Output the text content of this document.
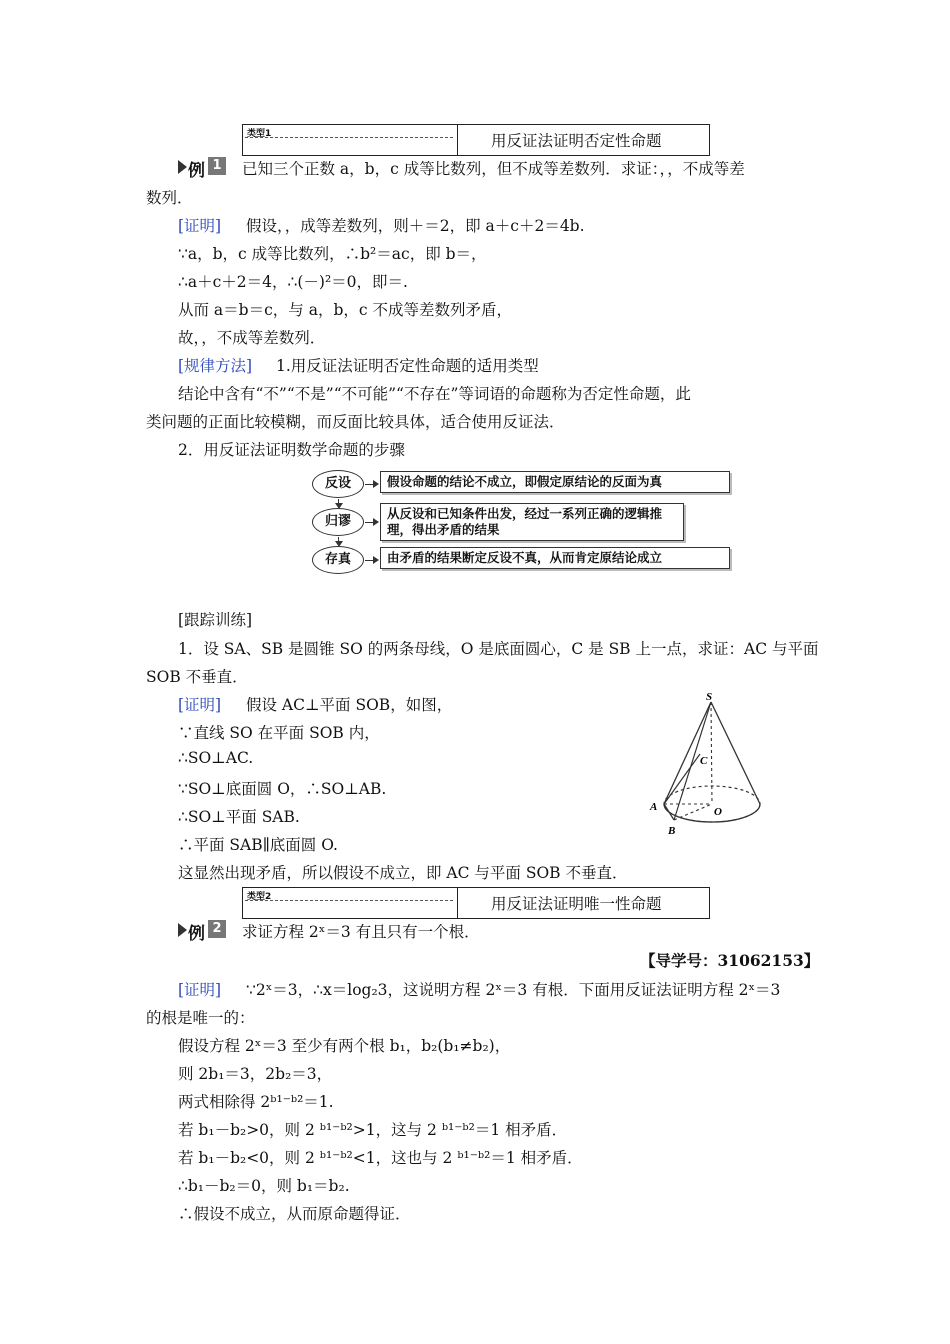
类型1	用反证法证明否定性命题
例 1 已知三个正数 a，b，c 成等比数列，但不成等差数列．求证：，，不成等差
数列．
[证明] 假设，，成等差数列，则＋＝2，即 a＋c＋2＝4b.
∵a，b，c 成等比数列，∴b²＝ac，即 b＝，
∴a＋c＋2＝4，∴(－)²＝0，即＝.
从而 a＝b＝c，与 a，b，c 不成等差数列矛盾，
故，，不成等差数列．
[规律方法] 1.用反证法证明否定性命题的适用类型
结论中含有“不”“不是”“不可能”“不存在”等词语的命题称为否定性命题，此
类问题的正面比较模糊，而反面比较具体，适合使用反证法．
2．用反证法证明数学命题的步骤
反设
归谬
存真
假设命题的结论不成立，即假定原结论的反面为真
从反设和已知条件出发，经过一系列正确的逻辑推
理，得出矛盾的结果
由矛盾的结果断定反设不真，从而肯定原结论成立
[跟踪训练]
1．设 SA、SB 是圆锥 SO 的两条母线，O 是底面圆心，C 是 SB 上一点，求证：AC 与平面
SOB 不垂直．
[证明] 假设 AC⊥平面 SOB，如图，
∵直线 SO 在平面 SOB 内，
∴SO⊥AC.
∵SO⊥底面圆 O，∴SO⊥AB.
∴SO⊥平面 SAB.
∴平面 SAB∥底面圆 O.
这显然出现矛盾，所以假设不成立，即 AC 与平面 SOB 不垂直．
S
C
A	O
B
类型2	用反证法证明唯一性命题
例 2 求证方程 2ˣ＝3 有且只有一个根．
【导学号：31062153】
[证明] ∵2ˣ＝3，∴x＝log₂3，这说明方程 2ˣ＝3 有根．下面用反证法证明方程 2ˣ＝3
的根是唯一的：
假设方程 2ˣ＝3 至少有两个根 b₁，b₂(b₁≠b₂)，
则 2b₁＝3，2b₂＝3，
两式相除得 2ᵇ¹⁻ᵇ²＝1.
若 b₁－b₂>0，则 2 ᵇ¹⁻ᵇ²>1，这与 2 ᵇ¹⁻ᵇ²＝1 相矛盾．
若 b₁－b₂<0，则 2 ᵇ¹⁻ᵇ²<1，这也与 2 ᵇ¹⁻ᵇ²＝1 相矛盾．
∴b₁－b₂＝0，则 b₁＝b₂.
∴假设不成立，从而原命题得证．
